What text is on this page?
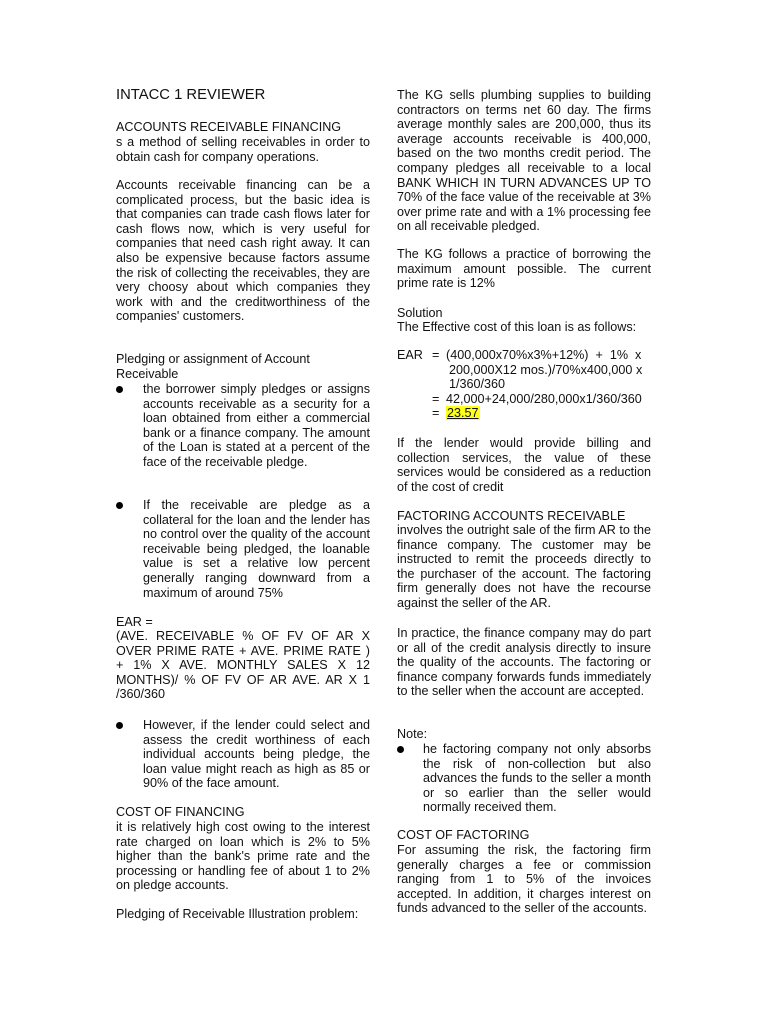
INTACC 1 REVIEWER
ACCOUNTS RECEIVABLE FINANCING
s a method of selling receivables in order to obtain cash for company operations.
Accounts receivable financing can be a complicated process, but the basic idea is that companies can trade cash flows later for cash flows now, which is very useful for companies that need cash right away. It can also be expensive because factors assume the risk of collecting the receivables, they are very choosy about which companies they work with and the creditworthiness of the companies' customers.
Pledging or assignment of Account Receivable
the borrower simply pledges or assigns accounts receivable as a security for a loan obtained from either a commercial bank or a finance company. The amount of the Loan is stated at a percent of the face of the receivable pledge.
If the receivable are pledge as a collateral for the loan and the lender has no control over the quality of the account receivable being pledged, the loanable value is set a relative low percent generally ranging downward from a maximum of around 75%
EAR =
(AVE. RECEIVABLE % OF FV OF AR X OVER PRIME RATE + AVE. PRIME RATE ) + 1% X AVE. MONTHLY SALES X 12 MONTHS)/ % OF FV OF AR AVE. AR X 1 /360/360
However, if the lender could select and assess the credit worthiness of each individual accounts being pledge, the loan value might reach as high as 85 or 90% of the face amount.
COST OF FINANCING
it is relatively high cost owing to the interest rate charged on loan which is 2% to 5% higher than the bank's prime rate and the processing or handling fee of about 1 to 2% on pledge accounts.
Pledging of Receivable Illustration problem:
The KG sells plumbing supplies to building contractors on terms net 60 day. The firms average monthly sales are 200,000, thus its average accounts receivable is 400,000, based on the two months credit period. The company pledges all receivable to a local BANK WHICH IN TURN ADVANCES UP TO 70% of the face value of the receivable at 3% over prime rate and with a 1% processing fee on all receivable pledged.
The KG follows a practice of borrowing the maximum amount possible. The current prime rate is 12%
Solution
The Effective cost of this loan is as follows:
EAR = (400,000x70%x3%+12%)  +  1%  x
200,000X12 mos.)/70%x400,000 x
1/360/360
= 42,000+24,000/280,000x1/360/360
= 23.57
If the lender would provide billing and collection services, the value of these services would be considered as a reduction of the cost of credit
FACTORING ACCOUNTS RECEIVABLE
involves the outright sale of the firm AR to the finance company. The customer may be instructed to remit the proceeds directly to the purchaser of the account. The factoring firm generally does not have the recourse against the seller of the AR.
In practice, the finance company may do part or all of the credit analysis directly to insure the quality of the accounts. The factoring or finance company forwards funds immediately to the seller when the account are accepted.
Note:
he factoring company not only absorbs the risk of non-collection but also advances the funds to the seller a month or so earlier than the seller would normally received them.
COST OF FACTORING
For assuming the risk, the factoring firm generally charges a fee or commission ranging from 1 to 5% of the invoices accepted. In addition, it charges interest on funds advanced to the seller of the accounts.
